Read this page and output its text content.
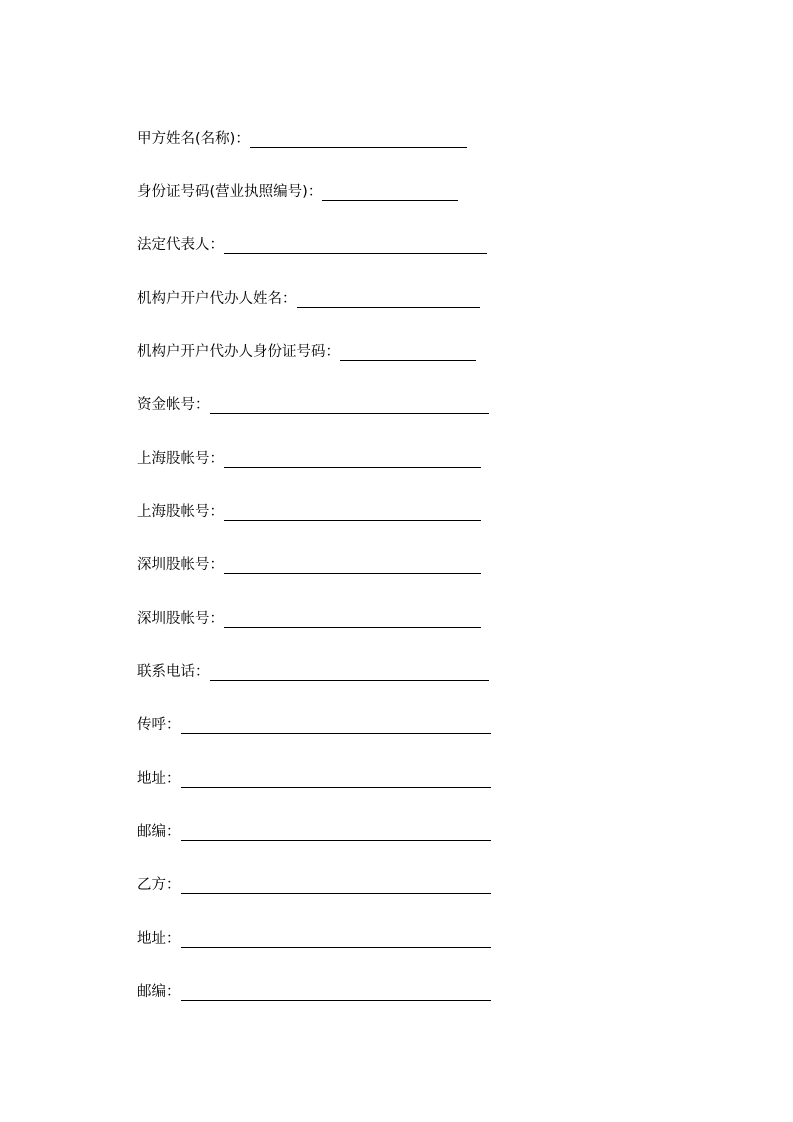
甲方姓名(名称)：
身份证号码(营业执照编号)：
法定代表人：
机构户开户代办人姓名：
机构户开户代办人身份证号码：
资金帐号：
上海股帐号：
上海股帐号：
深圳股帐号：
深圳股帐号：
联系电话：
传呼：
地址：
邮编：
乙方：
地址：
邮编：
